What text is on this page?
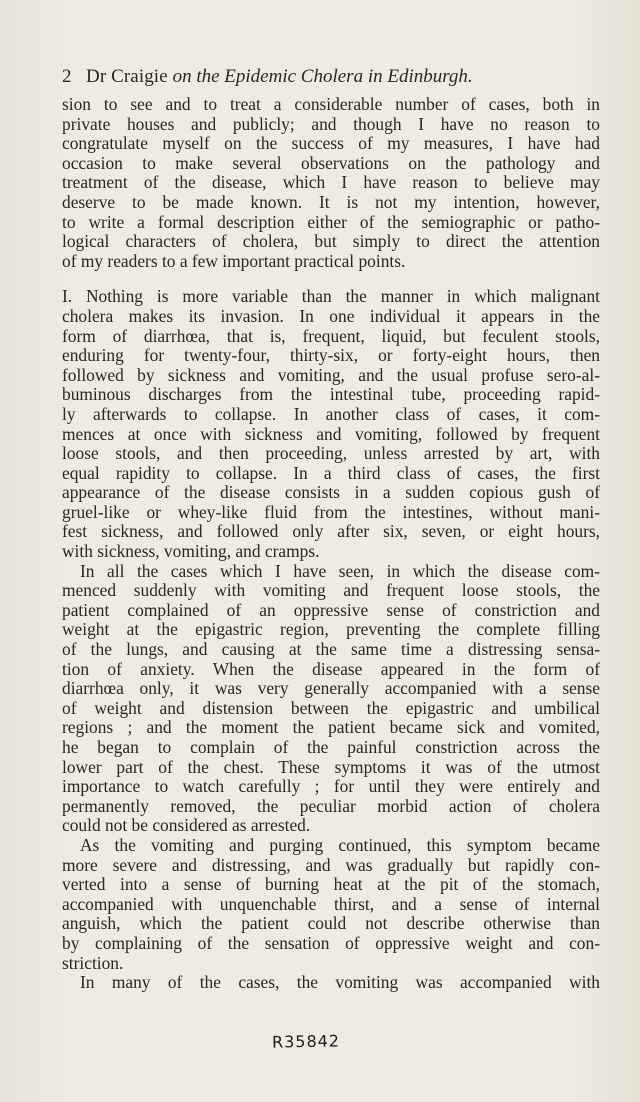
2 Dr Craigie on the Epidemic Cholera in Edinburgh.

sion to see and to treat a considerable number of cases, both in

private houses and publicly; and though I have no reason to

congratulate myself on the success of my measures, I have had

occasion to make several observations on the pathology and

treatment of the disease, which I have reason to believe may

deserve to be made known. It is not my intention, however,

to write a formal description either of the semiographic or patho-

logical characters of cholera, but simply to direct the attention

of my readers to a few important practical points.

I. Nothing is more variable than the manner in which malignant

cholera makes its invasion. In one individual it appears in the

form of diarrhœa, that is, frequent, liquid, but feculent stools,

enduring for twenty-four, thirty-six, or forty-eight hours, then

followed by sickness and vomiting, and the usual profuse sero-al-

buminous discharges from the intestinal tube, proceeding rapid-

ly afterwards to collapse. In another class of cases, it com-

mences at once with sickness and vomiting, followed by frequent

loose stools, and then proceeding, unless arrested by art, with

equal rapidity to collapse. In a third class of cases, the first

appearance of the disease consists in a sudden copious gush of

gruel-like or whey-like fluid from the intestines, without mani-

fest sickness, and followed only after six, seven, or eight hours,

with sickness, vomiting, and cramps.

In all the cases which I have seen, in which the disease com-

menced suddenly with vomiting and frequent loose stools, the

patient complained of an oppressive sense of constriction and

weight at the epigastric region, preventing the complete filling

of the lungs, and causing at the same time a distressing sensa-

tion of anxiety. When the disease appeared in the form of

diarrhœa only, it was very generally accompanied with a sense

of weight and distension between the epigastric and umbilical

regions ; and the moment the patient became sick and vomited,

he began to complain of the painful constriction across the

lower part of the chest. These symptoms it was of the utmost

importance to watch carefully ; for until they were entirely and

permanently removed, the peculiar morbid action of cholera

could not be considered as arrested.

As the vomiting and purging continued, this symptom became

more severe and distressing, and was gradually but rapidly con-

verted into a sense of burning heat at the pit of the stomach,

accompanied with unquenchable thirst, and a sense of internal

anguish, which the patient could not describe otherwise than

by complaining of the sensation of oppressive weight and con-

striction.

In many of the cases, the vomiting was accompanied with

R35842
